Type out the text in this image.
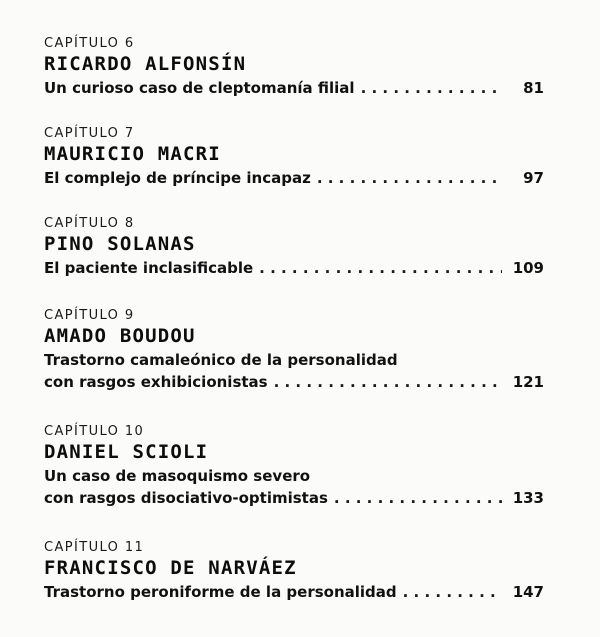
CAPÍTULO 6
RICARDO ALFONSÍN
Un curioso caso de cleptomanía filial . . .	81
CAPÍTULO 7
MAURICIO MACRI
El complejo de príncipe incapaz . . .	97
CAPÍTULO 8
PINO SOLANAS
El paciente inclasificable . . .	109
CAPÍTULO 9
AMADO BOUDOU
Trastorno camaleónico de la personalidad
con rasgos exhibicionistas . . .	121
CAPÍTULO 10
DANIEL SCIOLI
Un caso de masoquismo severo
con rasgos disociativo-optimistas . . .	133
CAPÍTULO 11
FRANCISCO DE NARVÁEZ
Trastorno peroniforme de la personalidad . . .	147
